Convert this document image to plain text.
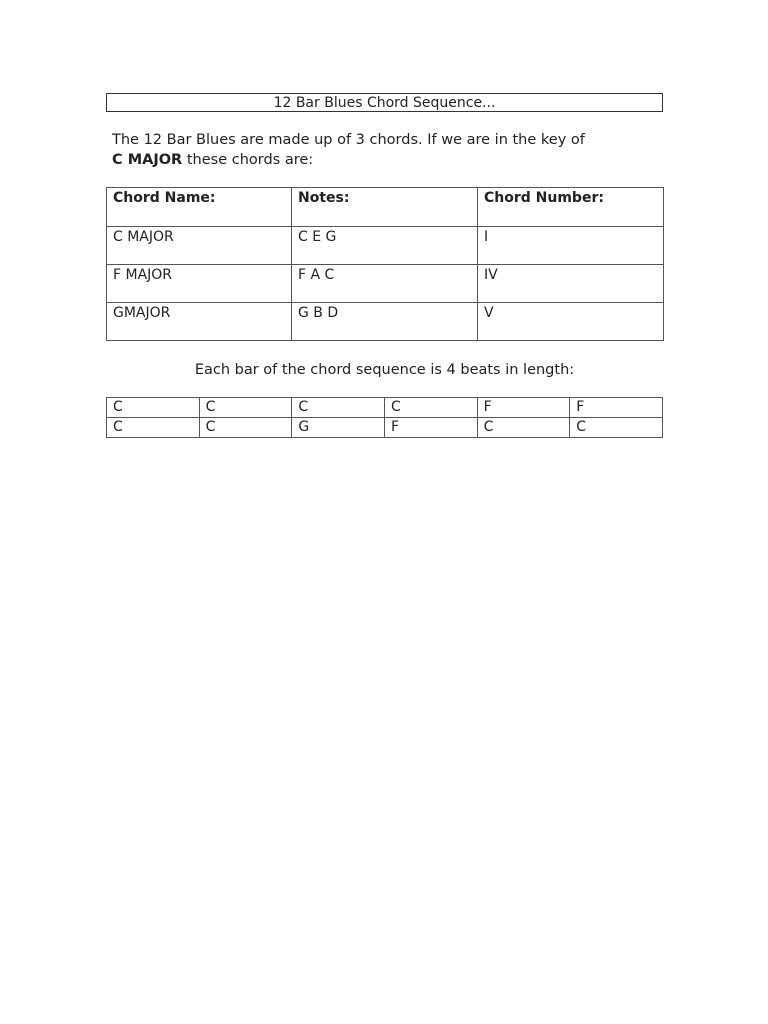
12 Bar Blues Chord Sequence...
The 12 Bar Blues are made up of 3 chords. If we are in the key of
C MAJOR these chords are:
Chord Name:	Notes:	Chord Number:
C MAJOR	C E G	I
F MAJOR	F A C	IV
GMAJOR	G B D	V
Each bar of the chord sequence is 4 beats in length:
C	C	C	C	F	F
C	C	G	F	C	C
